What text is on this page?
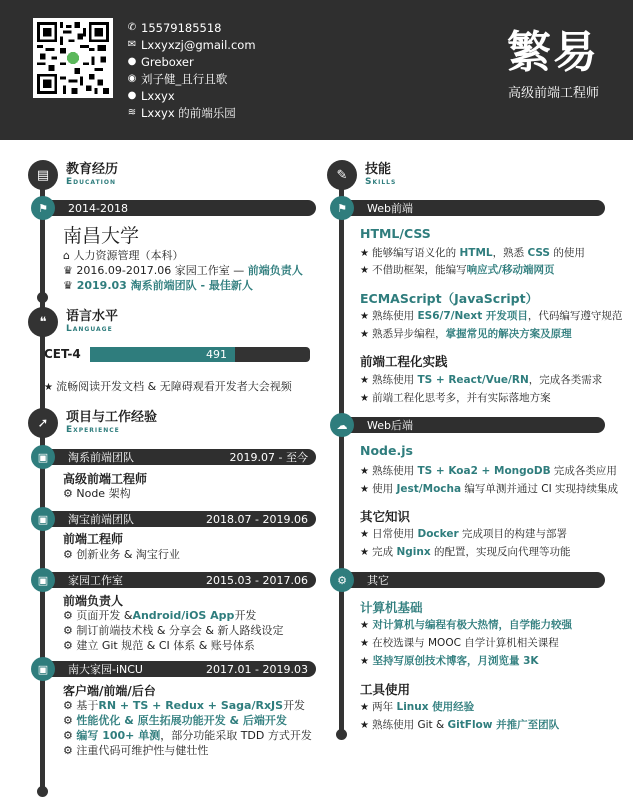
✆ 15579185518
✉ Lxxyxzj@gmail.com
● Greboxer
◉ 刘子健_且行且歌
● Lxxyx
≋ Lxxyx 的前端乐园
繁易
高级前端工程师
▤	教育经历
Education
2014-2018
⚑
南昌大学
⌂ 人力资源管理（本科）
♛ 2016.09-2017.06 家园工作室 — 前端负责人
♛ 2019.03 淘系前端团队 - 最佳新人
❝	语言水平
Language
CET-4	491
★ 流畅阅读开发文档 & 无障碍观看开发者大会视频
➚	项目与工作经验
Experience
淘系前端团队	2019.07 - 至今
▣
高级前端工程师
⚙ Node 架构
淘宝前端团队	2018.07 - 2019.06
▣
前端工程师
⚙ 创新业务 & 淘宝行业
家园工作室	2015.03 - 2017.06
▣
前端负责人
⚙ 页面开发 &Android/iOS App开发
⚙ 制订前端技术栈 & 分享会 & 新人路线设定
⚙ 建立 Git 规范 & CI 体系 & 账号体系
南大家园-iNCU	2017.01 - 2019.03
▣
客户端/前端/后台
⚙ 基于RN + TS + Redux + Saga/RxJS开发
⚙ 性能优化 & 原生拓展功能开发 & 后端开发
⚙ 编写 100+ 单测，部分功能采取 TDD 方式开发
⚙ 注重代码可维护性与健壮性
✎	技能
Skills
Web前端
⚑
HTML/CSS
★ 能够编写语义化的 HTML，熟悉 CSS 的使用
★ 不借助框架，能编写响应式/移动端网页
ECMAScript（JavaScript）
★ 熟练使用 ES6/7/Next 开发项目，代码编写遵守规范
★ 熟悉异步编程，掌握常见的解决方案及原理
前端工程化实践
★ 熟练使用 TS + React/Vue/RN，完成各类需求
★ 前端工程化思考多，并有实际落地方案
Web后端
☁
Node.js
★ 熟练使用 TS + Koa2 + MongoDB 完成各类应用
★ 使用 Jest/Mocha 编写单测并通过 CI 实现持续集成
其它知识
★ 日常使用 Docker 完成项目的构建与部署
★ 完成 Nginx 的配置，实现反向代理等功能
其它
⚙
计算机基础
★ 对计算机与编程有极大热情，自学能力较强
★ 在校选课与 MOOC 自学计算机相关课程
★ 坚持写原创技术博客，月浏览量 3K
工具使用
★ 两年 Linux 使用经验
★ 熟练使用 Git & GitFlow 并推广至团队
